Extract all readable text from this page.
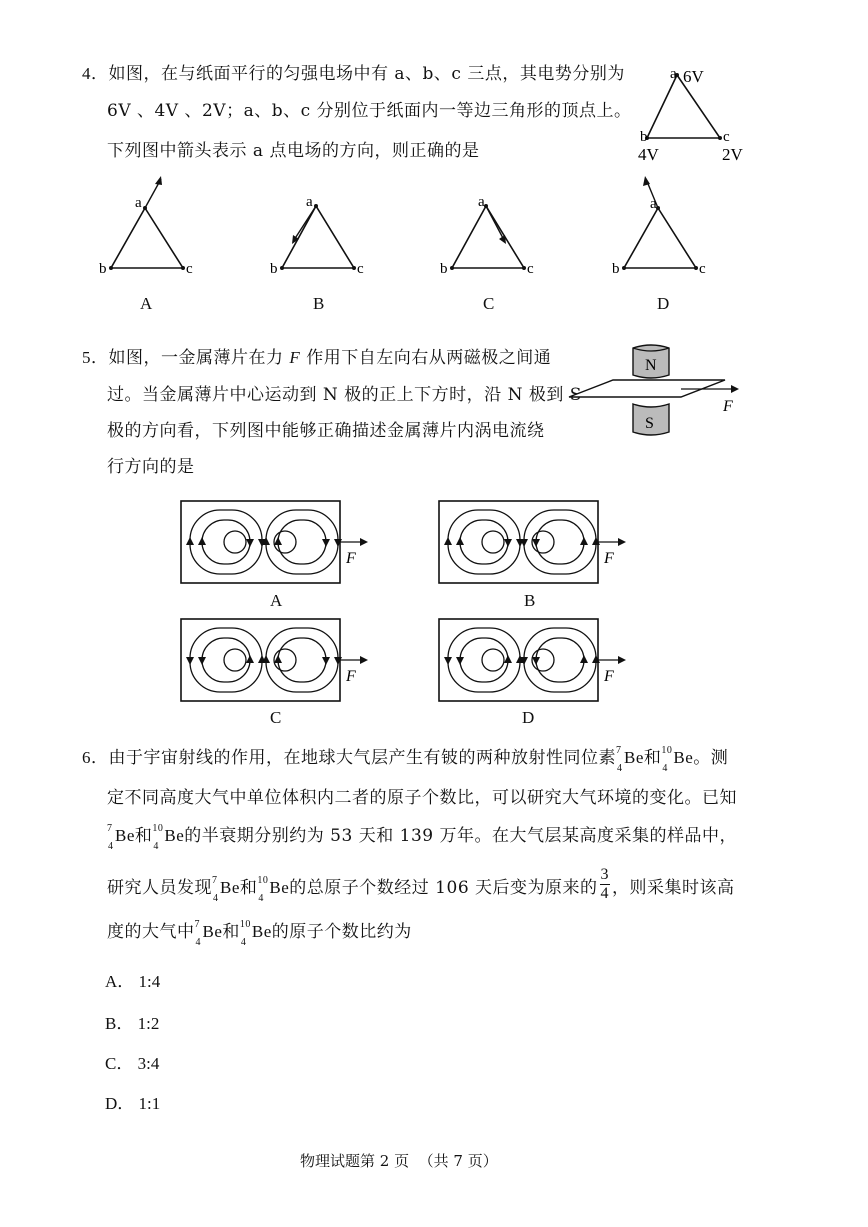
4．如图，在与纸面平行的匀强电场中有 a、b、c 三点，其电势分别为
6V 、4V 、2V；a、b、c 分别位于纸面内一等边三角形的顶点上。
下列图中箭头表示 a 点电场的方向，则正确的是
a 6V
b
4V
c
2V
a
b	c
A
a
b	c
B
a
b	c
C
a
b	c
D
5．如图，一金属薄片在力 F 作用下自左向右从两磁极之间通
过。当金属薄片中心运动到 N 极的正上下方时，沿 N 极到 S
极的方向看，下列图中能够正确描述金属薄片内涡电流绕
行方向的是
N
F
S
F
A
F
B
F
C
F
D
6．由于宇宙射线的作用，在地球大气层产生有铍的两种放射性同位素 7
4
Be和 10
4
Be。测
定不同高度大气中单位体积内二者的原子个数比，可以研究大气环境的变化。已知
7
4
Be和 10
4
Be的半衰期分别约为 53 天和 139 万年。在大气层某高度采集的样品中，
研究人员发现 7
4
Be和 10
4
Be的总原子个数经过 106 天后变为原来的 $\frac{3}{4}$ ，则采集时该高
度的大气中 7
4
Be和 10
4
Be的原子个数比约为
A． 1:4
B． 1:2
C． 3:4
D． 1:1
物理试题第 2 页  （共 7 页）
